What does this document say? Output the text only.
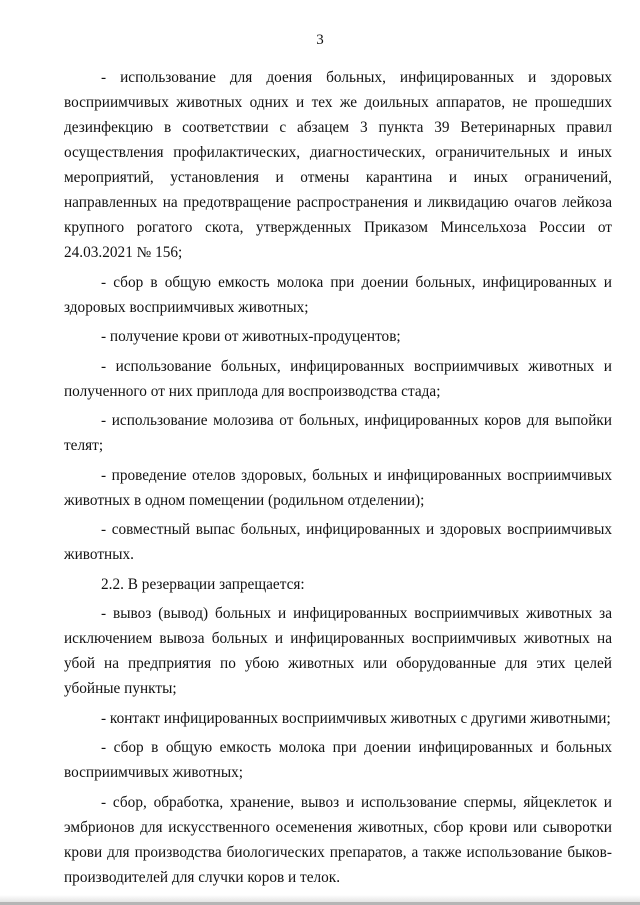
3

- использование для доения больных, инфицированных и здоровых восприимчивых животных одних и тех же доильных аппаратов, не прошедших дезинфекцию в соответствии с абзацем 3 пункта 39 Ветеринарных правил осуществления профилактических, диагностических, ограничительных и иных мероприятий, установления и отмены карантина и иных ограничений, направленных на предотвращение распространения и ликвидацию очагов лейкоза крупного рогатого скота, утвержденных Приказом Минсельхоза России от 24.03.2021 № 156;

- сбор в общую емкость молока при доении больных, инфицированных и здоровых восприимчивых животных;

- получение крови от животных-продуцентов;

- использование больных, инфицированных восприимчивых животных и полученного от них приплода для воспроизводства стада;

- использование молозива от больных, инфицированных коров для выпойки телят;

- проведение отелов здоровых, больных и инфицированных восприимчивых животных в одном помещении (родильном отделении);

- совместный выпас больных, инфицированных и здоровых восприимчивых животных.

2.2. В резервации запрещается:

- вывоз (вывод) больных и инфицированных восприимчивых животных за исключением вывоза больных и инфицированных восприимчивых животных на убой на предприятия по убою животных или оборудованные для этих целей убойные пункты;

- контакт инфицированных восприимчивых животных с другими животными;

- сбор в общую емкость молока при доении инфицированных и больных восприимчивых животных;

- сбор, обработка, хранение, вывоз и использование спермы, яйцеклеток и эмбрионов для искусственного осеменения животных, сбор крови или сыворотки крови для производства биологических препаратов, а также использование быков-производителей для случки коров и телок.
